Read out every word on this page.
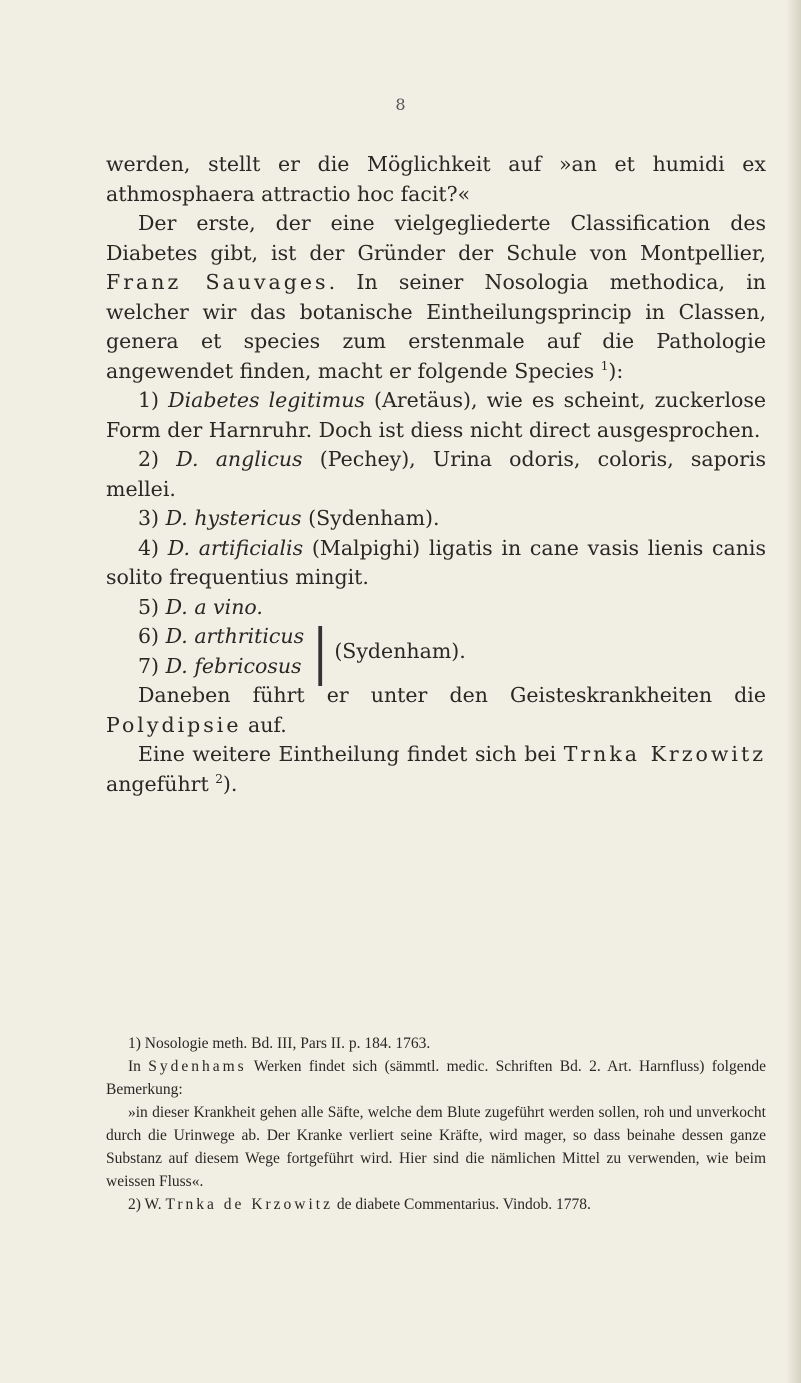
8

werden, stellt er die Möglichkeit auf »an et humidi ex athmosphaera attractio hoc facit?«

Der erste, der eine vielgegliederte Classification des Diabetes gibt, ist der Gründer der Schule von Montpellier, Franz Sauvages. In seiner Nosologia methodica, in welcher wir das botanische Eintheilungsprincip in Classen, genera et species zum erstenmale auf die Pathologie angewendet finden, macht er folgende Species $^1$):

1) Diabetes legitimus (Aretäus), wie es scheint, zuckerlose Form der Harnruhr. Doch ist diess nicht direct ausgesprochen.

2) D. anglicus (Pechey), Urina odoris, coloris, saporis mellei.

3) D. hystericus (Sydenham).

4) D. artificialis (Malpighi) ligatis in cane vasis lienis canis solito frequentius mingit.

5) D. a vino.

6) D. arthriticus
7) D. febricosus | (Sydenham).

Daneben führt er unter den Geisteskrankheiten die Polydipsie auf.

Eine weitere Eintheilung findet sich bei Trnka Krzowitz angeführt $^2$).

1) Nosologie meth. Bd. III, Pars II. p. 184. 1763.

In Sydenhams Werken findet sich (sämmtl. medic. Schriften Bd. 2. Art. Harnfluss) folgende Bemerkung:

»in dieser Krankheit gehen alle Säfte, welche dem Blute zugeführt werden sollen, roh und unverkocht durch die Urinwege ab. Der Kranke verliert seine Kräfte, wird mager, so dass beinahe dessen ganze Substanz auf diesem Wege fortgeführt wird. Hier sind die nämlichen Mittel zu verwenden, wie beim weissen Fluss«.

2) W. Trnka de Krzowitz de diabete Commentarius. Vindob. 1778.
